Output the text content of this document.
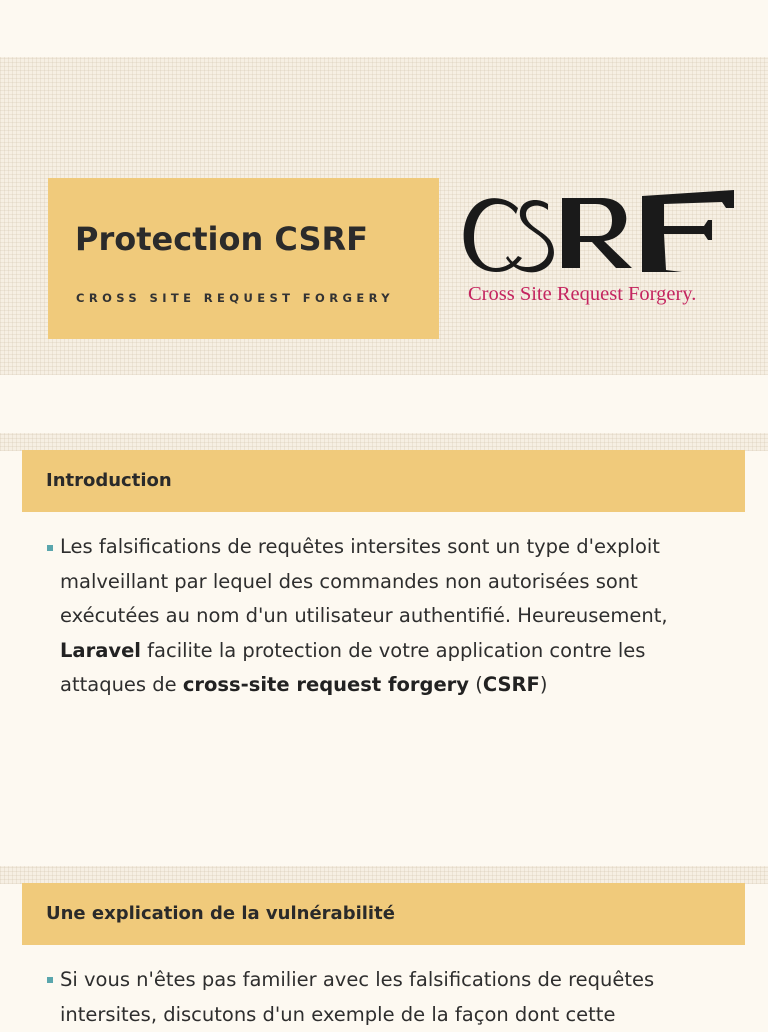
Protection CSRF
CROSS SITE REQUEST FORGERY	Cross Site Request Forgery.
Introduction
Les falsifications de requêtes intersites sont un type d'exploit malveillant par lequel des commandes non autorisées sont exécutées au nom d'un utilisateur authentifié. Heureusement, Laravel facilite la protection de votre application contre les attaques de cross-site request forgery (CSRF)
Une explication de la vulnérabilité
Si vous n'êtes pas familier avec les falsifications de requêtes intersites, discutons d'un exemple de la façon dont cette
